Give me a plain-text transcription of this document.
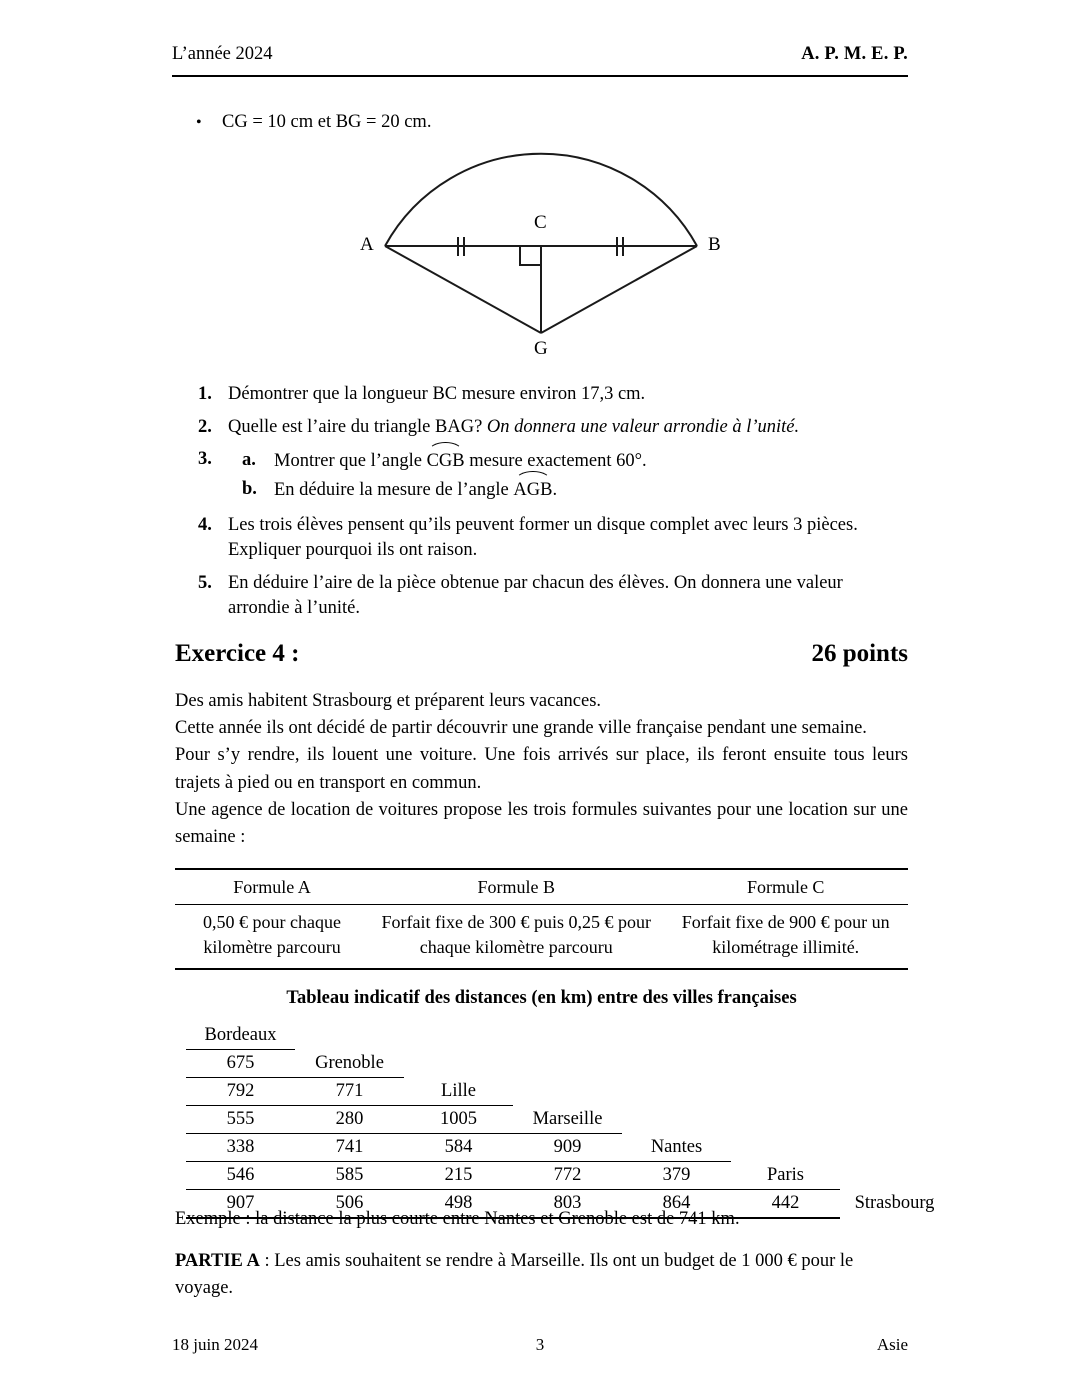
L’année 2024	A. P. M. E. P.
•	CG = 10 cm et BG = 20 cm.
A	B
C
G
1. Démontrer que la longueur BC mesure environ 17,3 cm.
2. Quelle est l’aire du triangle BAG? On donnera une valeur arrondie à l’unité.
3.	a. Montrer que l’angle
CGB mesure exactement 60°.
b. En déduire la mesure de l’angle
AGB.
4. Les trois élèves pensent qu’ils peuvent former un disque complet avec leurs 3 pièces. Expliquer pourquoi ils ont raison.
5. En déduire l’aire de la pièce obtenue par chacun des élèves. On donnera une valeur arrondie à l’unité.
Exercice 4 :	26 points

Des amis habitent Strasbourg et préparent leurs vacances.

Cette année ils ont décidé de partir découvrir une grande ville française pendant une semaine.

Pour s’y rendre, ils louent une voiture. Une fois arrivés sur place, ils feront ensuite tous leurs trajets à pied ou en transport en commun.

Une agence de location de voitures propose les trois formules suivantes pour une location sur une semaine :

Formule A	Formule B	Formule C
0,50 € pour chaque kilomètre parcouru	Forfait fixe de 300 € puis 0,25 € pour chaque kilomètre parcouru	Forfait fixe de 900 € pour un kilométrage illimité.
Tableau indicatif des distances (en km) entre des villes françaises
Bordeaux						
675	Grenoble					
792	771	Lille				
555	280	1005	Marseille			
338	741	584	909	Nantes		
546	585	215	772	379	Paris	
907	506	498	803	864	442	Strasbourg
Exemple : la distance la plus courte entre Nantes et Grenoble est de 741 km.
PARTIE A : Les amis souhaitent se rendre à Marseille. Ils ont un budget de 1 000 € pour le voyage.
18 juin 2024	3	Asie
